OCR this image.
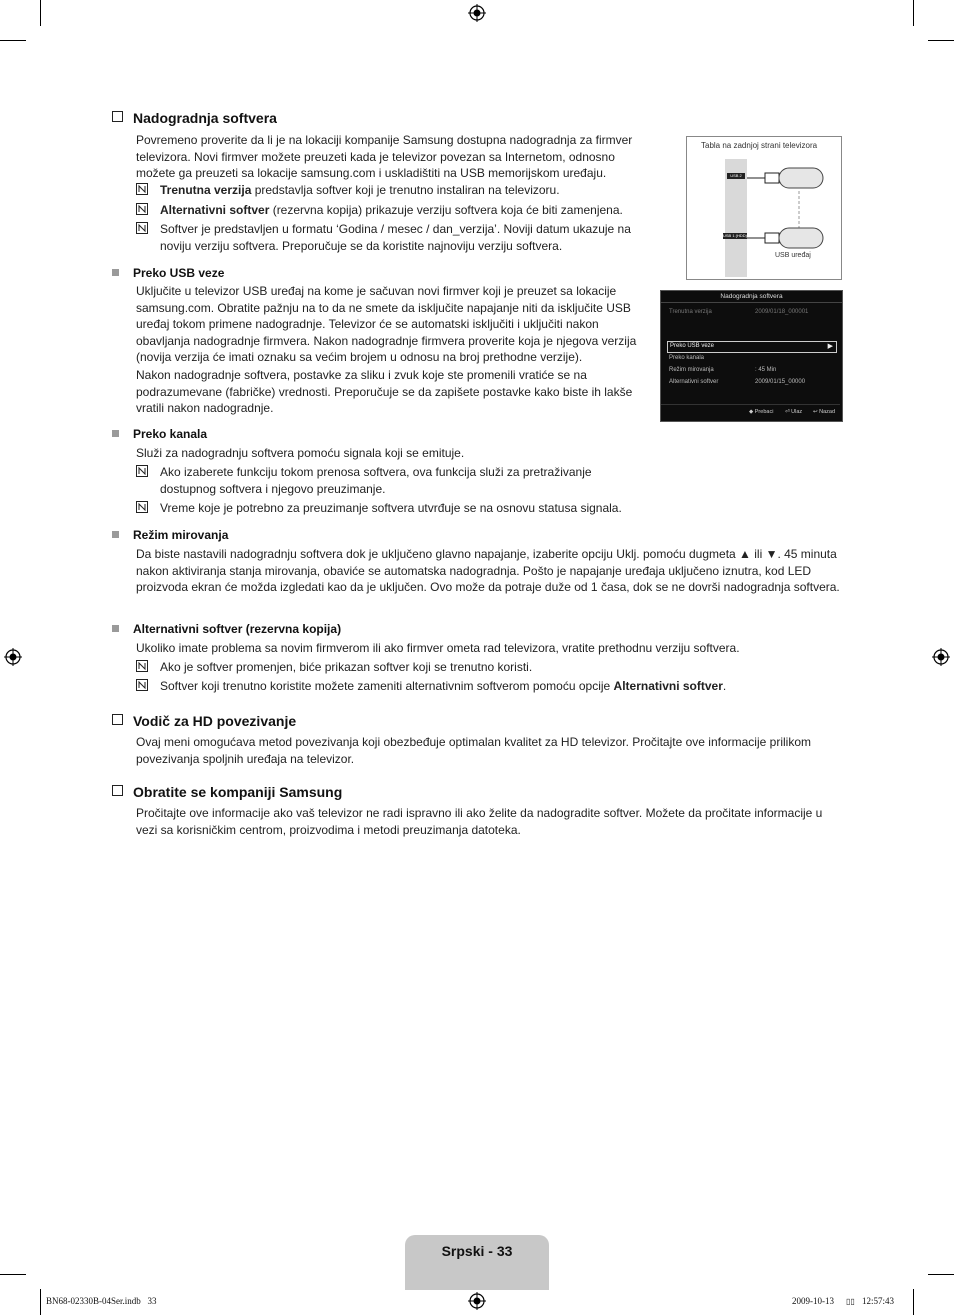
Nadogradnja softvera
Povremeno proverite da li je na lokaciji kompanije Samsung dostupna nadogradnja za firmver televizora. Novi firmver možete preuzeti kada je televizor povezan sa Internetom, odnosno možete ga preuzeti sa lokacije samsung.com i uskladištiti na USB memorijskom uređaju.
Trenutna verzija predstavlja softver koji je trenutno instaliran na televizoru.
Alternativni softver (rezervna kopija) prikazuje verziju softvera koja će biti zamenjena.
Softver je predstavljen u formatu ‘Godina / mesec / dan_verzija’. Noviji datum ukazuje na noviju verziju softvera. Preporučuje se da koristite najnoviju verziju softvera.
Preko USB veze
Uključite u televizor USB uređaj na kome je sačuvan novi firmver koji je preuzet sa lokacije samsung.com. Obratite pažnju na to da ne smete da isključite napajanje niti da isključite USB uređaj tokom primene nadogradnje. Televizor će se automatski isključiti i uključiti nakon obavljanja nadogradnje firmvera. Nakon nadogradnje firmvera proverite koja je njegova verzija (novija verzija će imati oznaku sa većim brojem u odnosu na broj prethodne verzije).
Nakon nadogradnje softvera, postavke za sliku i zvuk koje ste promenili vratiće se na podrazumevane (fabričke) vrednosti. Preporučuje se da zapišete postavke kako biste ih lakše vratili nakon nadogradnje.
Preko kanala
Služi za nadogradnju softvera pomoću signala koji se emituje.
Ako izaberete funkciju tokom prenosa softvera, ova funkcija služi za pretraživanje dostupnog softvera i njegovo preuzimanje.
Vreme koje je potrebno za preuzimanje softvera utvrđuje se na osnovu statusa signala.
Režim mirovanja
Da biste nastavili nadogradnju softvera dok je uključeno glavno napajanje, izaberite opciju Uklj. pomoću dugmeta ▲ ili ▼. 45 minuta nakon aktiviranja stanja mirovanja, obaviće se automatska nadogradnja. Pošto je napajanje uređaja uključeno iznutra, kod LED proizvoda ekran će možda izgledati kao da je uključen. Ovo može da potraje duže od 1 časa, dok se ne dovrši nadogradnja softvera.
Alternativni softver (rezervna kopija)
Ukoliko imate problema sa novim firmverom ili ako firmver ometa rad televizora, vratite prethodnu verziju softvera.
Ako je softver promenjen, biće prikazan softver koji se trenutno koristi.
Softver koji trenutno koristite možete zameniti alternativnim softverom pomoću opcije Alternativni softver.
Vodič za HD povezivanje
Ovaj meni omogućava metod povezivanja koji obezbeđuje optimalan kvalitet za HD televizor. Pročitajte ove informacije prilikom povezivanja spoljnih uređaja na televizor.
Obratite se kompaniji Samsung
Pročitajte ove informacije ako vaš televizor ne radi ispravno ili ako želite da nadogradite softver. Možete da pročitate informacije u vezi sa korisničkim centrom, proizvodima i metodi preuzimanja datoteka.
Tabla na zadnjoj strani televizora
USB 2
USB 1 (HDD)
USB uređaj
Nadogradnja softvera
Trenutna verzija	2009/01/18_000001
Preko USB veze	▶
Preko kanala
Režim mirovanja	: 45 Min
Alternativni softver	2009/01/15_00000
◆ Prebaci ⏎ Ulaz ↩ Nazad
Srpski - 33
BN68-02330B-04Ser.indb   33	2009-10-13	12:57:43
▯▯
